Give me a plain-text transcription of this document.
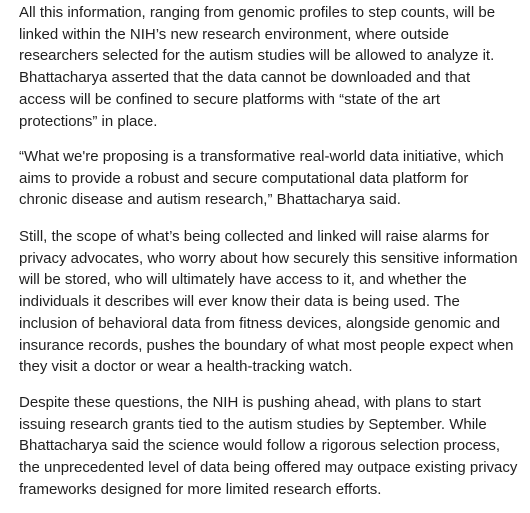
All this information, ranging from genomic profiles to step counts, will be linked within the NIH’s new research environment, where outside researchers selected for the autism studies will be allowed to analyze it. Bhattacharya asserted that the data cannot be downloaded and that access will be confined to secure platforms with “state of the art protections” in place.

“What we're proposing is a transformative real-world data initiative, which aims to provide a robust and secure computational data platform for chronic disease and autism research,” Bhattacharya said.

Still, the scope of what’s being collected and linked will raise alarms for privacy advocates, who worry about how securely this sensitive information will be stored, who will ultimately have access to it, and whether the individuals it describes will ever know their data is being used. The inclusion of behavioral data from fitness devices, alongside genomic and insurance records, pushes the boundary of what most people expect when they visit a doctor or wear a health-tracking watch.

Despite these questions, the NIH is pushing ahead, with plans to start issuing research grants tied to the autism studies by September. While Bhattacharya said the science would follow a rigorous selection process, the unprecedented level of data being offered may outpace existing privacy frameworks designed for more limited research efforts.
